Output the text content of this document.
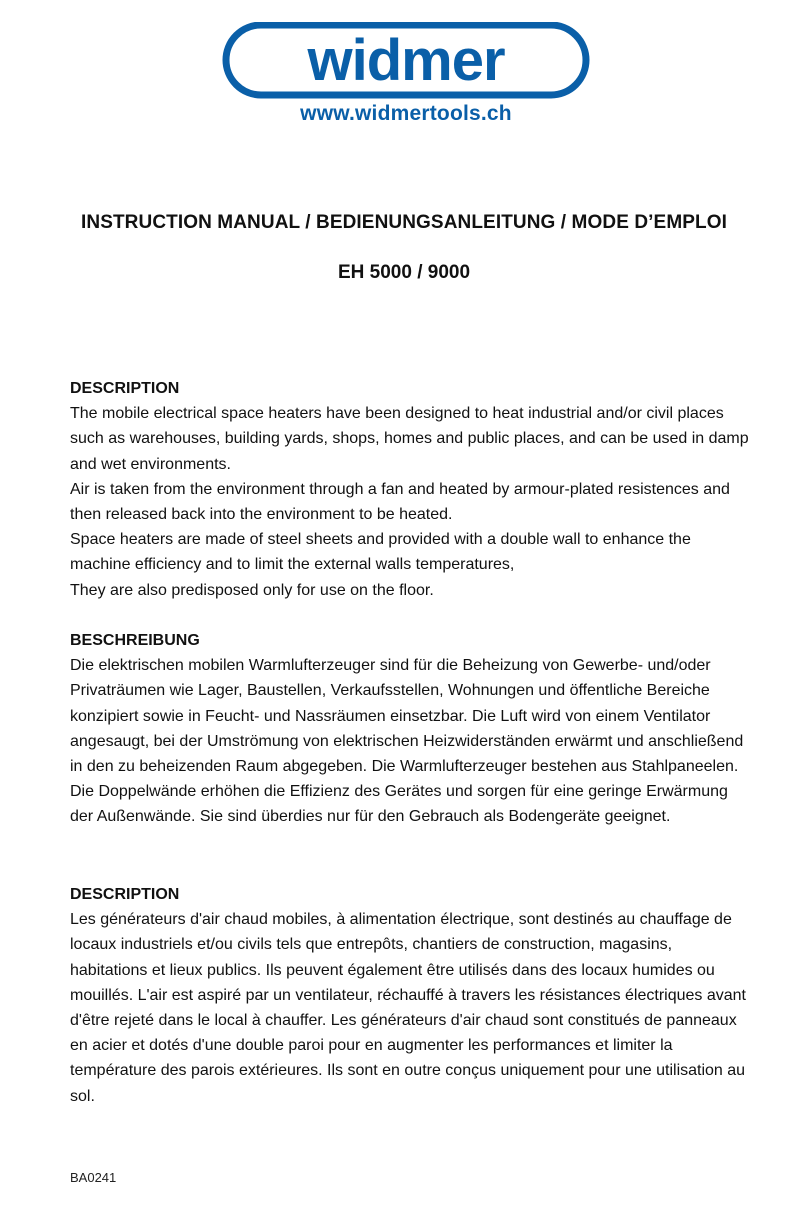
widmer
www.widmertools.ch
INSTRUCTION MANUAL / BEDIENUNGSANLEITUNG / MODE D’EMPLOI
EH 5000 / 9000
DESCRIPTION

The mobile electrical space heaters have been designed to heat industrial and/or civil places such as warehouses, building yards, shops, homes and public places, and can be used in damp and wet environments.
Air is taken from the environment through a fan and heated by armour-plated resistences and then released back into the environment to be heated.
Space heaters are made of steel sheets and provided with a double wall to enhance the machine efficiency and to limit the external walls temperatures,
They are also predisposed only for use on the floor.

BESCHREIBUNG

Die elektrischen mobilen Warmlufterzeuger sind für die Beheizung von Gewerbe- und/oder Privaträumen wie Lager, Baustellen, Verkaufsstellen, Wohnungen und öffentliche Bereiche konzipiert sowie in Feucht- und Nassräumen einsetzbar. Die Luft wird von einem Ventilator angesaugt, bei der Umströmung von elektrischen Heizwiderständen erwärmt und anschließend in den zu beheizenden Raum abgegeben. Die Warmlufterzeuger bestehen aus Stahlpaneelen. Die Doppelwände erhöhen die Effizienz des Gerätes und sorgen für eine geringe Erwärmung der Außenwände. Sie sind überdies nur für den Gebrauch als Bodengeräte geeignet.

DESCRIPTION

Les générateurs d'air chaud mobiles, à alimentation électrique, sont destinés au chauffage de locaux industriels et/ou civils tels que entrepôts, chantiers de construction, magasins, habitations et lieux publics. Ils peuvent également être utilisés dans des locaux humides ou mouillés. L'air est aspiré par un ventilateur, réchauffé à travers les résistances électriques avant d'être rejeté dans le local à chauffer. Les générateurs d'air chaud sont constitués de panneaux en acier et dotés d'une double paroi pour en augmenter les performances et limiter la température des parois extérieures. Ils sont en outre conçus uniquement pour une utilisation au sol.

BA0241
